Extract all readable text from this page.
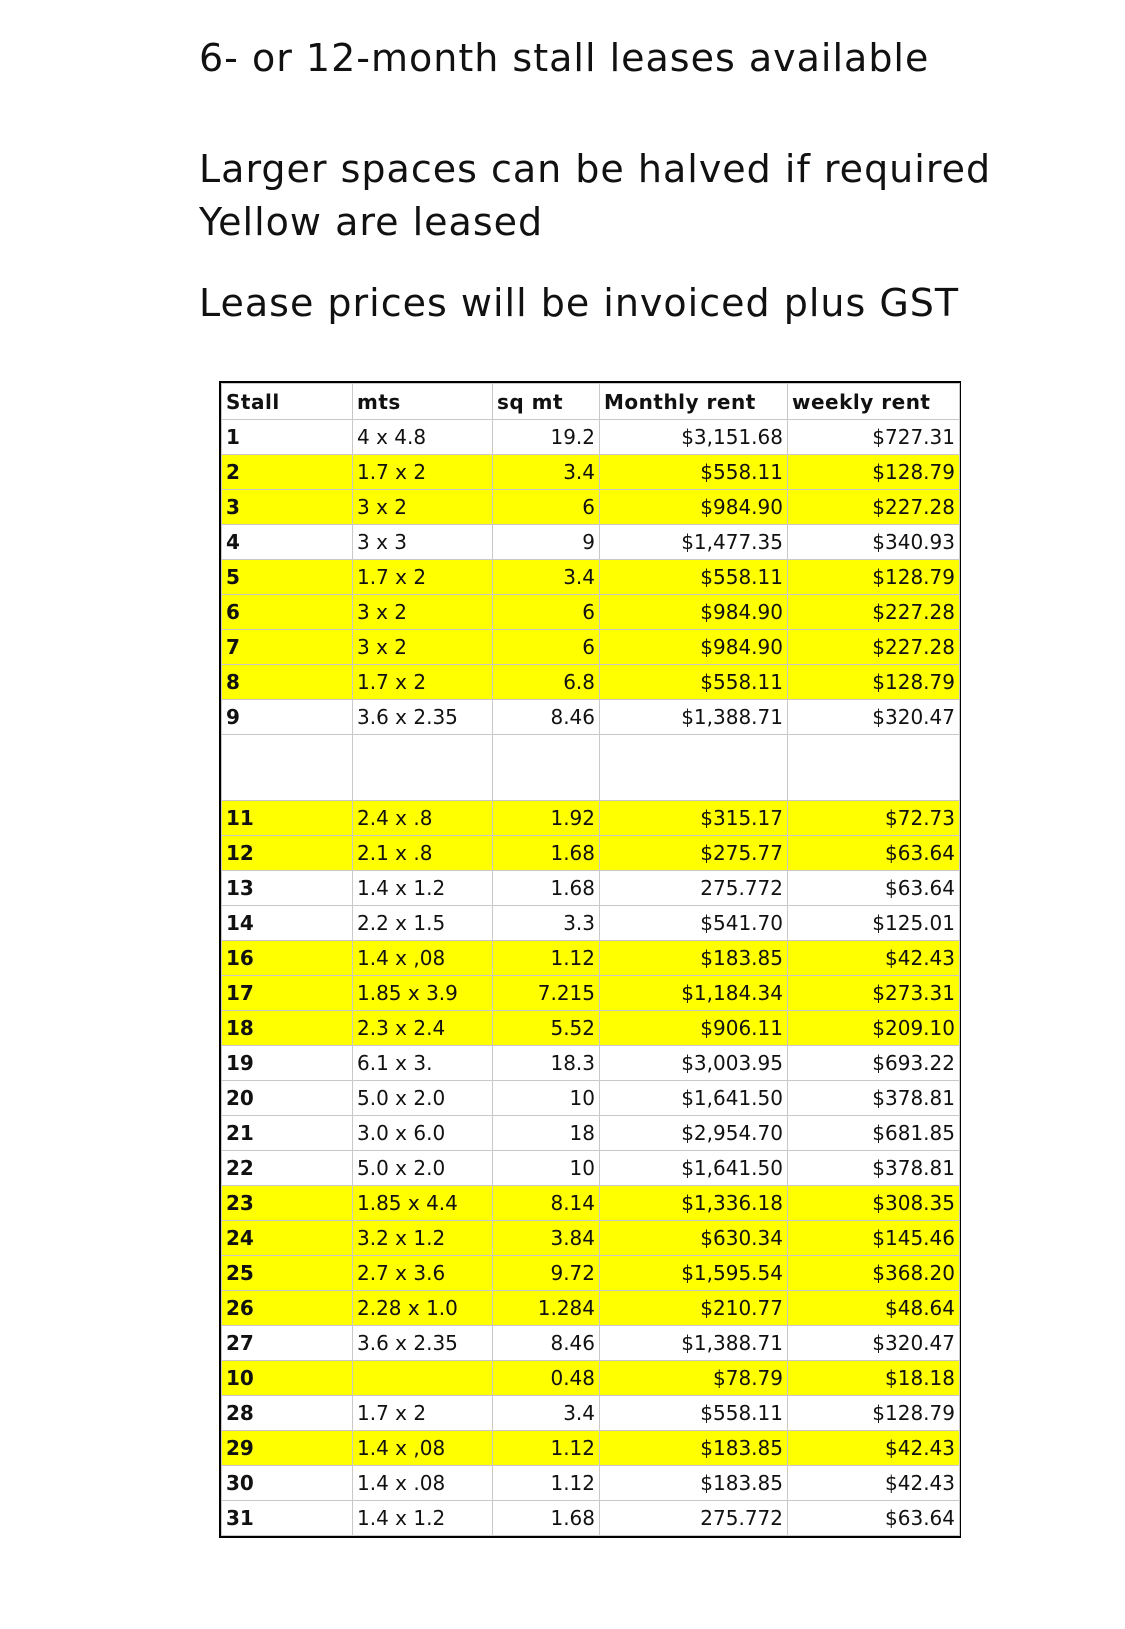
6- or 12-month stall leases available
Larger spaces can be halved if required
Yellow are leased
Lease prices will be invoiced plus GST
Stall	mts	sq mt	Monthly rent	weekly rent
1	4 x 4.8	19.2	$3,151.68	$727.31
2	1.7 x 2	3.4	$558.11	$128.79
3	3 x 2	6	$984.90	$227.28
4	3 x 3	9	$1,477.35	$340.93
5	1.7 x 2	3.4	$558.11	$128.79
6	3 x 2	6	$984.90	$227.28
7	3 x 2	6	$984.90	$227.28
8	1.7 x 2	6.8	$558.11	$128.79
9	3.6 x 2.35	8.46	$1,388.71	$320.47

11	2.4 x .8	1.92	$315.17	$72.73
12	2.1 x .8	1.68	$275.77	$63.64
13	1.4 x 1.2	1.68	275.772	$63.64
14	2.2 x 1.5	3.3	$541.70	$125.01
16	1.4 x ,08	1.12	$183.85	$42.43
17	1.85 x 3.9	7.215	$1,184.34	$273.31
18	2.3 x 2.4	5.52	$906.11	$209.10
19	6.1 x 3.	18.3	$3,003.95	$693.22
20	5.0 x 2.0	10	$1,641.50	$378.81
21	3.0 x 6.0	18	$2,954.70	$681.85
22	5.0 x 2.0	10	$1,641.50	$378.81
23	1.85 x 4.4	8.14	$1,336.18	$308.35
24	3.2 x 1.2	3.84	$630.34	$145.46
25	2.7 x 3.6	9.72	$1,595.54	$368.20
26	2.28 x 1.0	1.284	$210.77	$48.64
27	3.6 x 2.35	8.46	$1,388.71	$320.47
10		0.48	$78.79	$18.18
28	1.7 x 2	3.4	$558.11	$128.79
29	1.4 x ,08	1.12	$183.85	$42.43
30	1.4 x .08	1.12	$183.85	$42.43
31	1.4 x 1.2	1.68	275.772	$63.64
